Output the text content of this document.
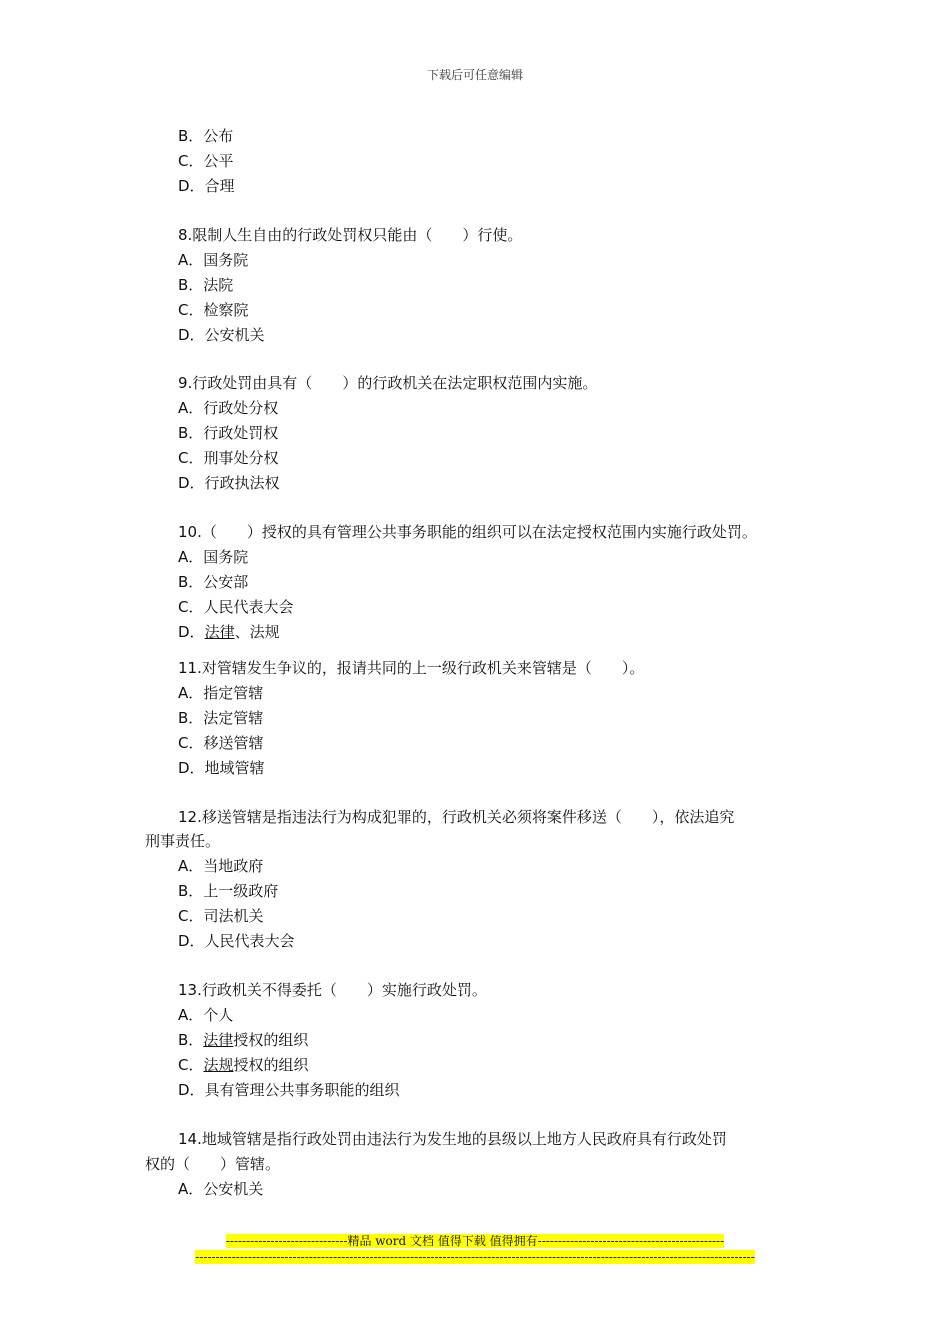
下载后可任意编辑
B．公布
C．公平
D．合理
8.限制人生自由的行政处罚权只能由（　　）行使。
A．国务院
B．法院
C．检察院
D．公安机关
9.行政处罚由具有（　　）的行政机关在法定职权范围内实施。
A．行政处分权
B．行政处罚权
C．刑事处分权
D．行政执法权
10.（　　）授权的具有管理公共事务职能的组织可以在法定授权范围内实施行政处罚。
A．国务院
B．公安部
C．人民代表大会
D．法律、法规
11.对管辖发生争议的，报请共同的上一级行政机关来管辖是（　　）。
A．指定管辖
B．法定管辖
C．移送管辖
D．地域管辖
12.移送管辖是指违法行为构成犯罪的，行政机关必须将案件移送（　　），依法追究
刑事责任。
A．当地政府
B．上一级政府
C．司法机关
D．人民代表大会
13.行政机关不得委托（　　）实施行政处罚。
A．个人
B．法律授权的组织
C．法规授权的组织
D．具有管理公共事务职能的组织
14.地域管辖是指行政处罚由违法行为发生地的县级以上地方人民政府具有行政处罚
权的（　　）管辖。
A．公安机关
------------------------------精品 word 文档 值得下载 值得拥有----------------------------------------------
------------------------------------------------------------------------------------------------------------------------------------------
